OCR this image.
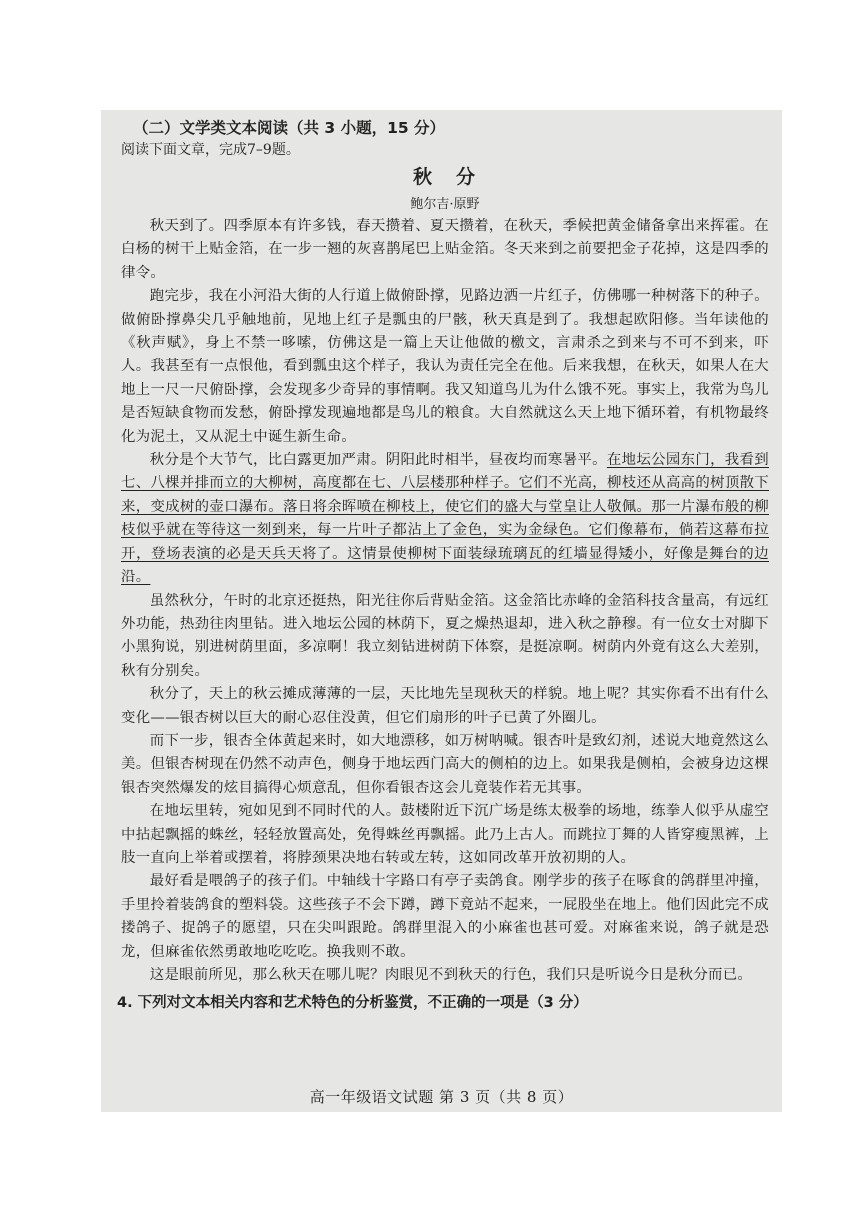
（二）文学类文本阅读（共 3 小题，15 分）
阅读下面文章，完成7–9题。
秋 分
鲍尔吉·原野

秋天到了。四季原本有许多钱，春天攒着、夏天攒着，在秋天，季候把黄金储备拿出来挥霍。在白杨的树干上贴金箔，在一步一翘的灰喜鹊尾巴上贴金箔。冬天来到之前要把金子花掉，这是四季的律令。

跑完步，我在小河沿大街的人行道上做俯卧撑，见路边洒一片红子，仿佛哪一种树落下的种子。做俯卧撑鼻尖几乎触地前，见地上红子是瓢虫的尸骸，秋天真是到了。我想起欧阳修。当年读他的《秋声赋》，身上不禁一哆嗦，仿佛这是一篇上天让他做的檄文，言肃杀之到来与不可不到来，吓人。我甚至有一点恨他，看到瓢虫这个样子，我认为责任完全在他。后来我想，在秋天，如果人在大地上一尺一尺俯卧撑，会发现多少奇异的事情啊。我又知道鸟儿为什么饿不死。事实上，我常为鸟儿是否短缺食物而发愁，俯卧撑发现遍地都是鸟儿的粮食。大自然就这么天上地下循环着，有机物最终化为泥土，又从泥土中诞生新生命。

秋分是个大节气，比白露更加严肃。阴阳此时相半，昼夜均而寒暑平。在地坛公园东门，我看到七、八棵并排而立的大柳树，高度都在七、八层楼那种样子。它们不光高，柳枝还从高高的树顶散下来，变成树的壶口瀑布。落日将余晖喷在柳枝上，使它们的盛大与堂皇让人敬佩。那一片瀑布般的柳枝似乎就在等待这一刻到来，每一片叶子都沾上了金色，实为金绿色。它们像幕布，倘若这幕布拉开，登场表演的必是天兵天将了。这情景使柳树下面装绿琉璃瓦的红墙显得矮小，好像是舞台的边沿。

虽然秋分，午时的北京还挺热，阳光往你后背贴金箔。这金箔比赤峰的金箔科技含量高，有远红外功能，热劲往肉里钻。进入地坛公园的林荫下，夏之燥热退却，进入秋之静穆。有一位女士对脚下小黑狗说，别进树荫里面，多凉啊！我立刻钻进树荫下体察，是挺凉啊。树荫内外竟有这么大差别，秋有分别矣。

秋分了，天上的秋云摊成薄薄的一层，天比地先呈现秋天的样貌。地上呢？其实你看不出有什么变化——银杏树以巨大的耐心忍住没黄，但它们扇形的叶子已黄了外圈儿。

而下一步，银杏全体黄起来时，如大地漂移，如万树呐喊。银杏叶是致幻剂，述说大地竟然这么美。但银杏树现在仍然不动声色，侧身于地坛西门高大的侧柏的边上。如果我是侧柏，会被身边这棵银杏突然爆发的炫目搞得心烦意乱，但你看银杏这会儿竟装作若无其事。

在地坛里转，宛如见到不同时代的人。鼓楼附近下沉广场是练太极拳的场地，练拳人似乎从虚空中拈起飘摇的蛛丝，轻轻放置高处，免得蛛丝再飘摇。此乃上古人。而跳拉丁舞的人皆穿瘦黑裤，上肢一直向上举着或摆着，将脖颈果决地右转或左转，这如同改革开放初期的人。

最好看是喂鸽子的孩子们。中轴线十字路口有亭子卖鸽食。刚学步的孩子在啄食的鸽群里冲撞，手里拎着装鸽食的塑料袋。这些孩子不会下蹲，蹲下竟站不起来，一屁股坐在地上。他们因此完不成搂鸽子、捉鸽子的愿望，只在尖叫跟跄。鸽群里混入的小麻雀也甚可爱。对麻雀来说，鸽子就是恐龙，但麻雀依然勇敢地吃吃吃。换我则不敢。

这是眼前所见，那么秋天在哪儿呢？肉眼见不到秋天的行色，我们只是听说今日是秋分而已。

4. 下列对文本相关内容和艺术特色的分析鉴赏，不正确的一项是（3 分）
高一年级语文试题 第 3 页（共 8 页）
